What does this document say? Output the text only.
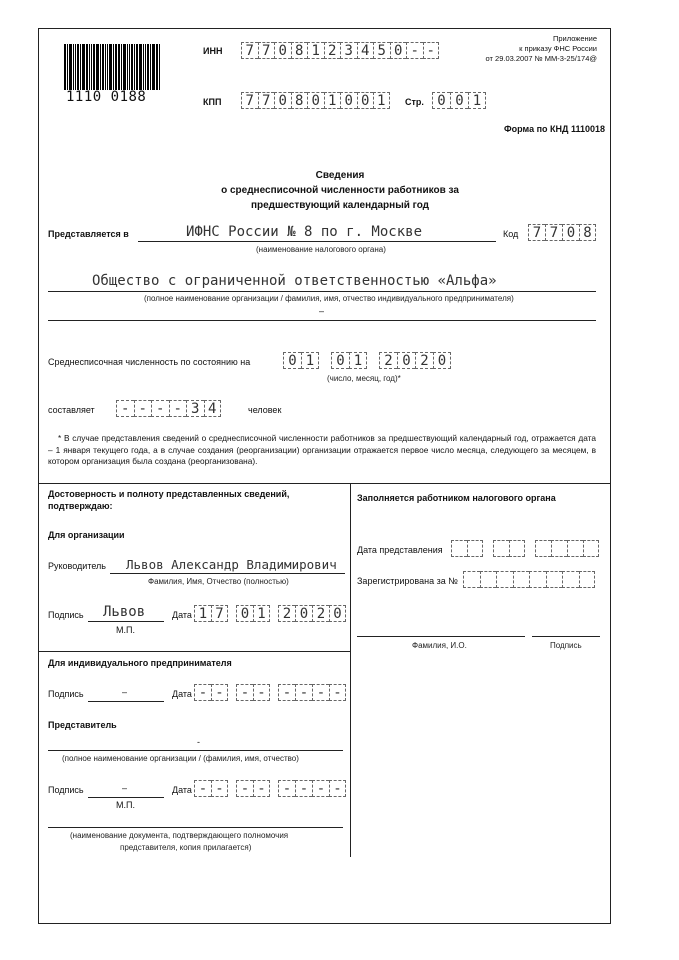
1110 0188
ИНН	7 7 0 8 1 2 3 4 5 0 - -
КПП	7 7 0 8 0 1 0 0 1	Стр. 0 0 1
Приложение
к приказу ФНС России
от 29.03.2007 № ММ-3-25/174@
Форма по КНД 1110018
Сведения
о среднесписочной численности работников за
предшествующий календарный год
Представляется в	ИФНС России № 8 по г. Москве
(наименование налогового органа)
Код	7 7 0 8
Общество с ограниченной ответственностью «Альфа»
(полное наименование организации / фамилия, имя, отчество индивидуального предпринимателя)
–
Среднесписочная численность по состоянию на	0 1	0 1	2 0 2 0
(число, месяц, год)*
составляет	- - - - 3 4	человек
* В случае представления сведений о среднесписочной численности работников за предшествующий календарный год, отражается дата – 1 января текущего года, а в случае создания (реорганизации) организации отражается первое число месяца, следующего за месяцем, в котором организация была создана (реорганизована).
Достоверность и полноту представленных сведений,
подтверждаю:
Для организации
Руководитель Львов Александр Владимирович
Фамилия, Имя, Отчество (полностью)
Подпись Львов	Дата 1 7	0 1	2 0 2 0
М.П.
Для индивидуального предпринимателя
Подпись	–	Дата - -	- -	- - - -
Представитель
-
(полное наименование организации / (фамилия, имя, отчество)
Подпись	–	Дата - -	- -	- - - -
М.П.
(наименование документа, подтверждающего полномочия
представителя, копия прилагается)
Заполняется работником налогового органа
Дата представления
Зарегистрирована за №
Фамилия, И.О.	Подпись
